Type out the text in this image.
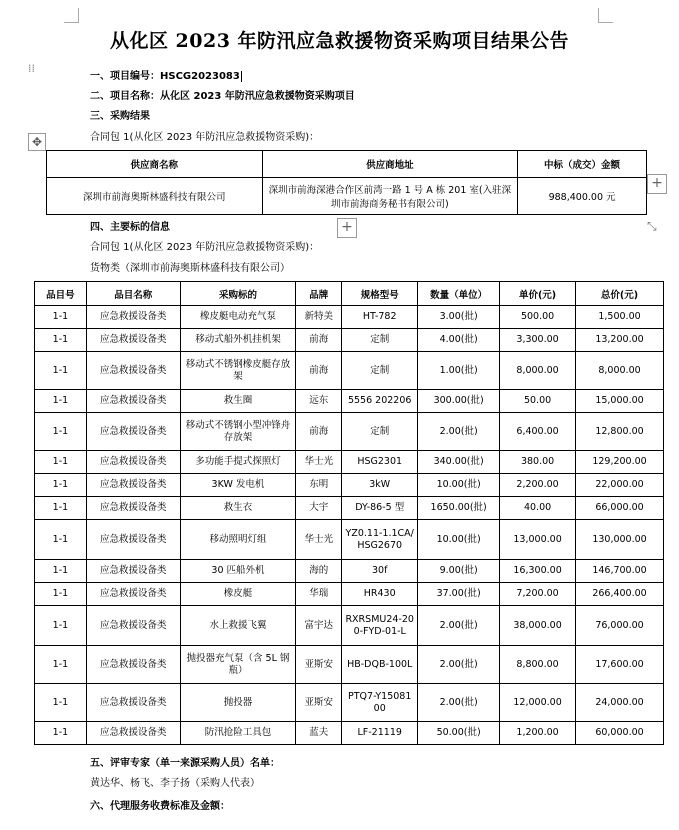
从化区 2023 年防汛应急救援物资采购项目结果公告
⁞⁞
一、项目编号：HSCG2023083
二、项目名称：从化区 2023 年防汛应急救援物资采购项目
三、采购结果
合同包 1(从化区 2023 年防汛应急救援物资采购)：
✥
供应商名称	供应商地址	中标（成交）金额
深圳市前海奥斯林盛科技有限公司	深圳市前海深港合作区前湾一路 1 号 A 栋 201 室(入驻深圳市前海商务秘书有限公司)	988,400.00 元
+
+	⤡
四、主要标的信息
合同包 1(从化区 2023 年防汛应急救援物资采购)：
货物类（深圳市前海奥斯林盛科技有限公司）
品目号	品目名称	采购标的	品牌	规格型号	数量（单位）	单价(元)	总价(元)
1-1	应急救援设备类	橡皮艇电动充气泵	新特美	HT-782	3.00(批)	500.00	1,500.00
1-1	应急救援设备类	移动式船外机挂机架	前海	定制	4.00(批)	3,300.00	13,200.00
1-1	应急救援设备类	移动式不锈钢橡皮艇存放架	前海	定制	1.00(批)	8,000.00	8,000.00
1-1	应急救援设备类	救生圈	远东	5556 202206	300.00(批)	50.00	15,000.00
1-1	应急救援设备类	移动式不锈钢小型冲锋舟存放架	前海	定制	2.00(批)	6,400.00	12,800.00
1-1	应急救援设备类	多功能手提式探照灯	华士光	HSG2301	340.00(批)	380.00	129,200.00
1-1	应急救援设备类	3KW 发电机	东明	3kW	10.00(批)	2,200.00	22,000.00
1-1	应急救援设备类	救生衣	大宇	DY-86-5 型	1650.00(批)	40.00	66,000.00
1-1	应急救援设备类	移动照明灯组	华士光	YZ0.11-1.1CA/HSG2670	10.00(批)	13,000.00	130,000.00
1-1	应急救援设备类	30 匹船外机	海的	30f	9.00(批)	16,300.00	146,700.00
1-1	应急救援设备类	橡皮艇	华瑞	HR430	37.00(批)	7,200.00	266,400.00
1-1	应急救援设备类	水上救援飞翼	富宇达	RXRSMU24-200-FYD-01-L	2.00(批)	38,000.00	76,000.00
1-1	应急救援设备类	抛投器充气泵（含 5L 钢瓶）	亚斯安	HB-DQB-100L	2.00(批)	8,800.00	17,600.00
1-1	应急救援设备类	抛投器	亚斯安	PTQ7-Y15081 00	2.00(批)	12,000.00	24,000.00
1-1	应急救援设备类	防汛抢险工具包	蓝夫	LF-21119	50.00(批)	1,200.00	60,000.00
五、评审专家（单一来源采购人员）名单：
黄达华、杨飞、李子扬（采购人代表）
六、代理服务收费标准及金额：
